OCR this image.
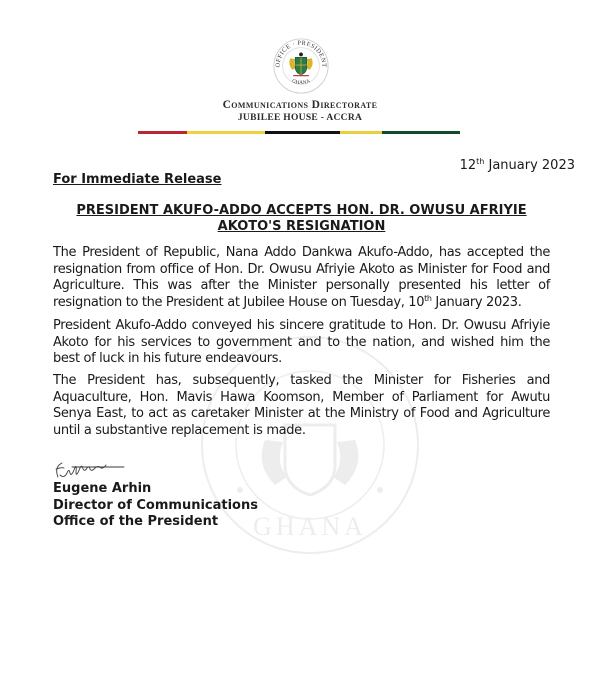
OFFICE · PRESIDENT
GHANA
Communications Directorate
JUBILEE HOUSE - ACCRA
GHANA
12th January 2023
For Immediate Release
PRESIDENT AKUFO-ADDO ACCEPTS HON. DR. OWUSU AFRIYIE AKOTO'S RESIGNATION
The President of Republic, Nana Addo Dankwa Akufo-Addo, has accepted the resignation from office of Hon. Dr. Owusu Afriyie Akoto as Minister for Food and Agriculture. This was after the Minister personally presented his letter of resignation to the President at Jubilee House on Tuesday, 10th January 2023.
President Akufo-Addo conveyed his sincere gratitude to Hon. Dr. Owusu Afriyie Akoto for his services to government and to the nation, and wished him the best of luck in his future endeavours.
The President has, subsequently, tasked the Minister for Fisheries and Aquaculture, Hon. Mavis Hawa Koomson, Member of Parliament for Awutu Senya East, to act as caretaker Minister at the Ministry of Food and Agriculture until a substantive replacement is made.
Eugene Arhin
Director of Communications
Office of the President
